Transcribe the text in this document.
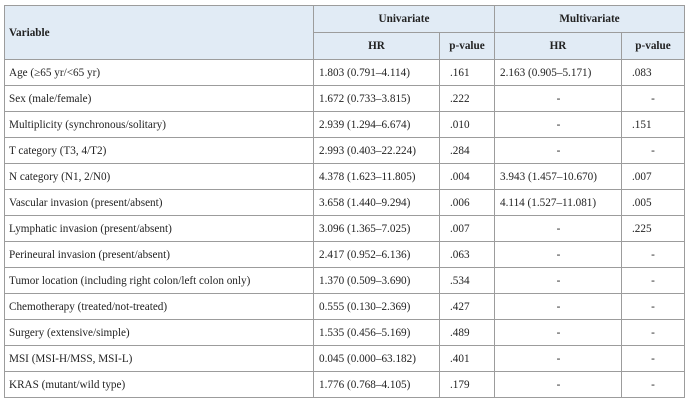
Variable	Univariate		Multivariate	
	HR	p-value	HR	p-value
Age (≥65 yr/<65 yr)	1.803 (0.791–4.114)	.161	2.163 (0.905–5.171)	.083
Sex (male/female)	1.672 (0.733–3.815)	.222	-	-
Multiplicity (synchronous/solitary)	2.939 (1.294–6.674)	.010	-	.151
T category (T3, 4/T2)	2.993 (0.403–22.224)	.284	-	-
N category (N1, 2/N0)	4.378 (1.623–11.805)	.004	3.943 (1.457–10.670)	.007
Vascular invasion (present/absent)	3.658 (1.440–9.294)	.006	4.114 (1.527–11.081)	.005
Lymphatic invasion (present/absent)	3.096 (1.365–7.025)	.007	-	.225
Perineural invasion (present/absent)	2.417 (0.952–6.136)	.063	-	-
Tumor location (including right colon/left colon only)	1.370 (0.509–3.690)	.534	-	-
Chemotherapy (treated/not-treated)	0.555 (0.130–2.369)	.427	-	-
Surgery (extensive/simple)	1.535 (0.456–5.169)	.489	-	-
MSI (MSI-H/MSS, MSI-L)	0.045 (0.000–63.182)	.401	-	-
KRAS (mutant/wild type)	1.776 (0.768–4.105)	.179	-	-
